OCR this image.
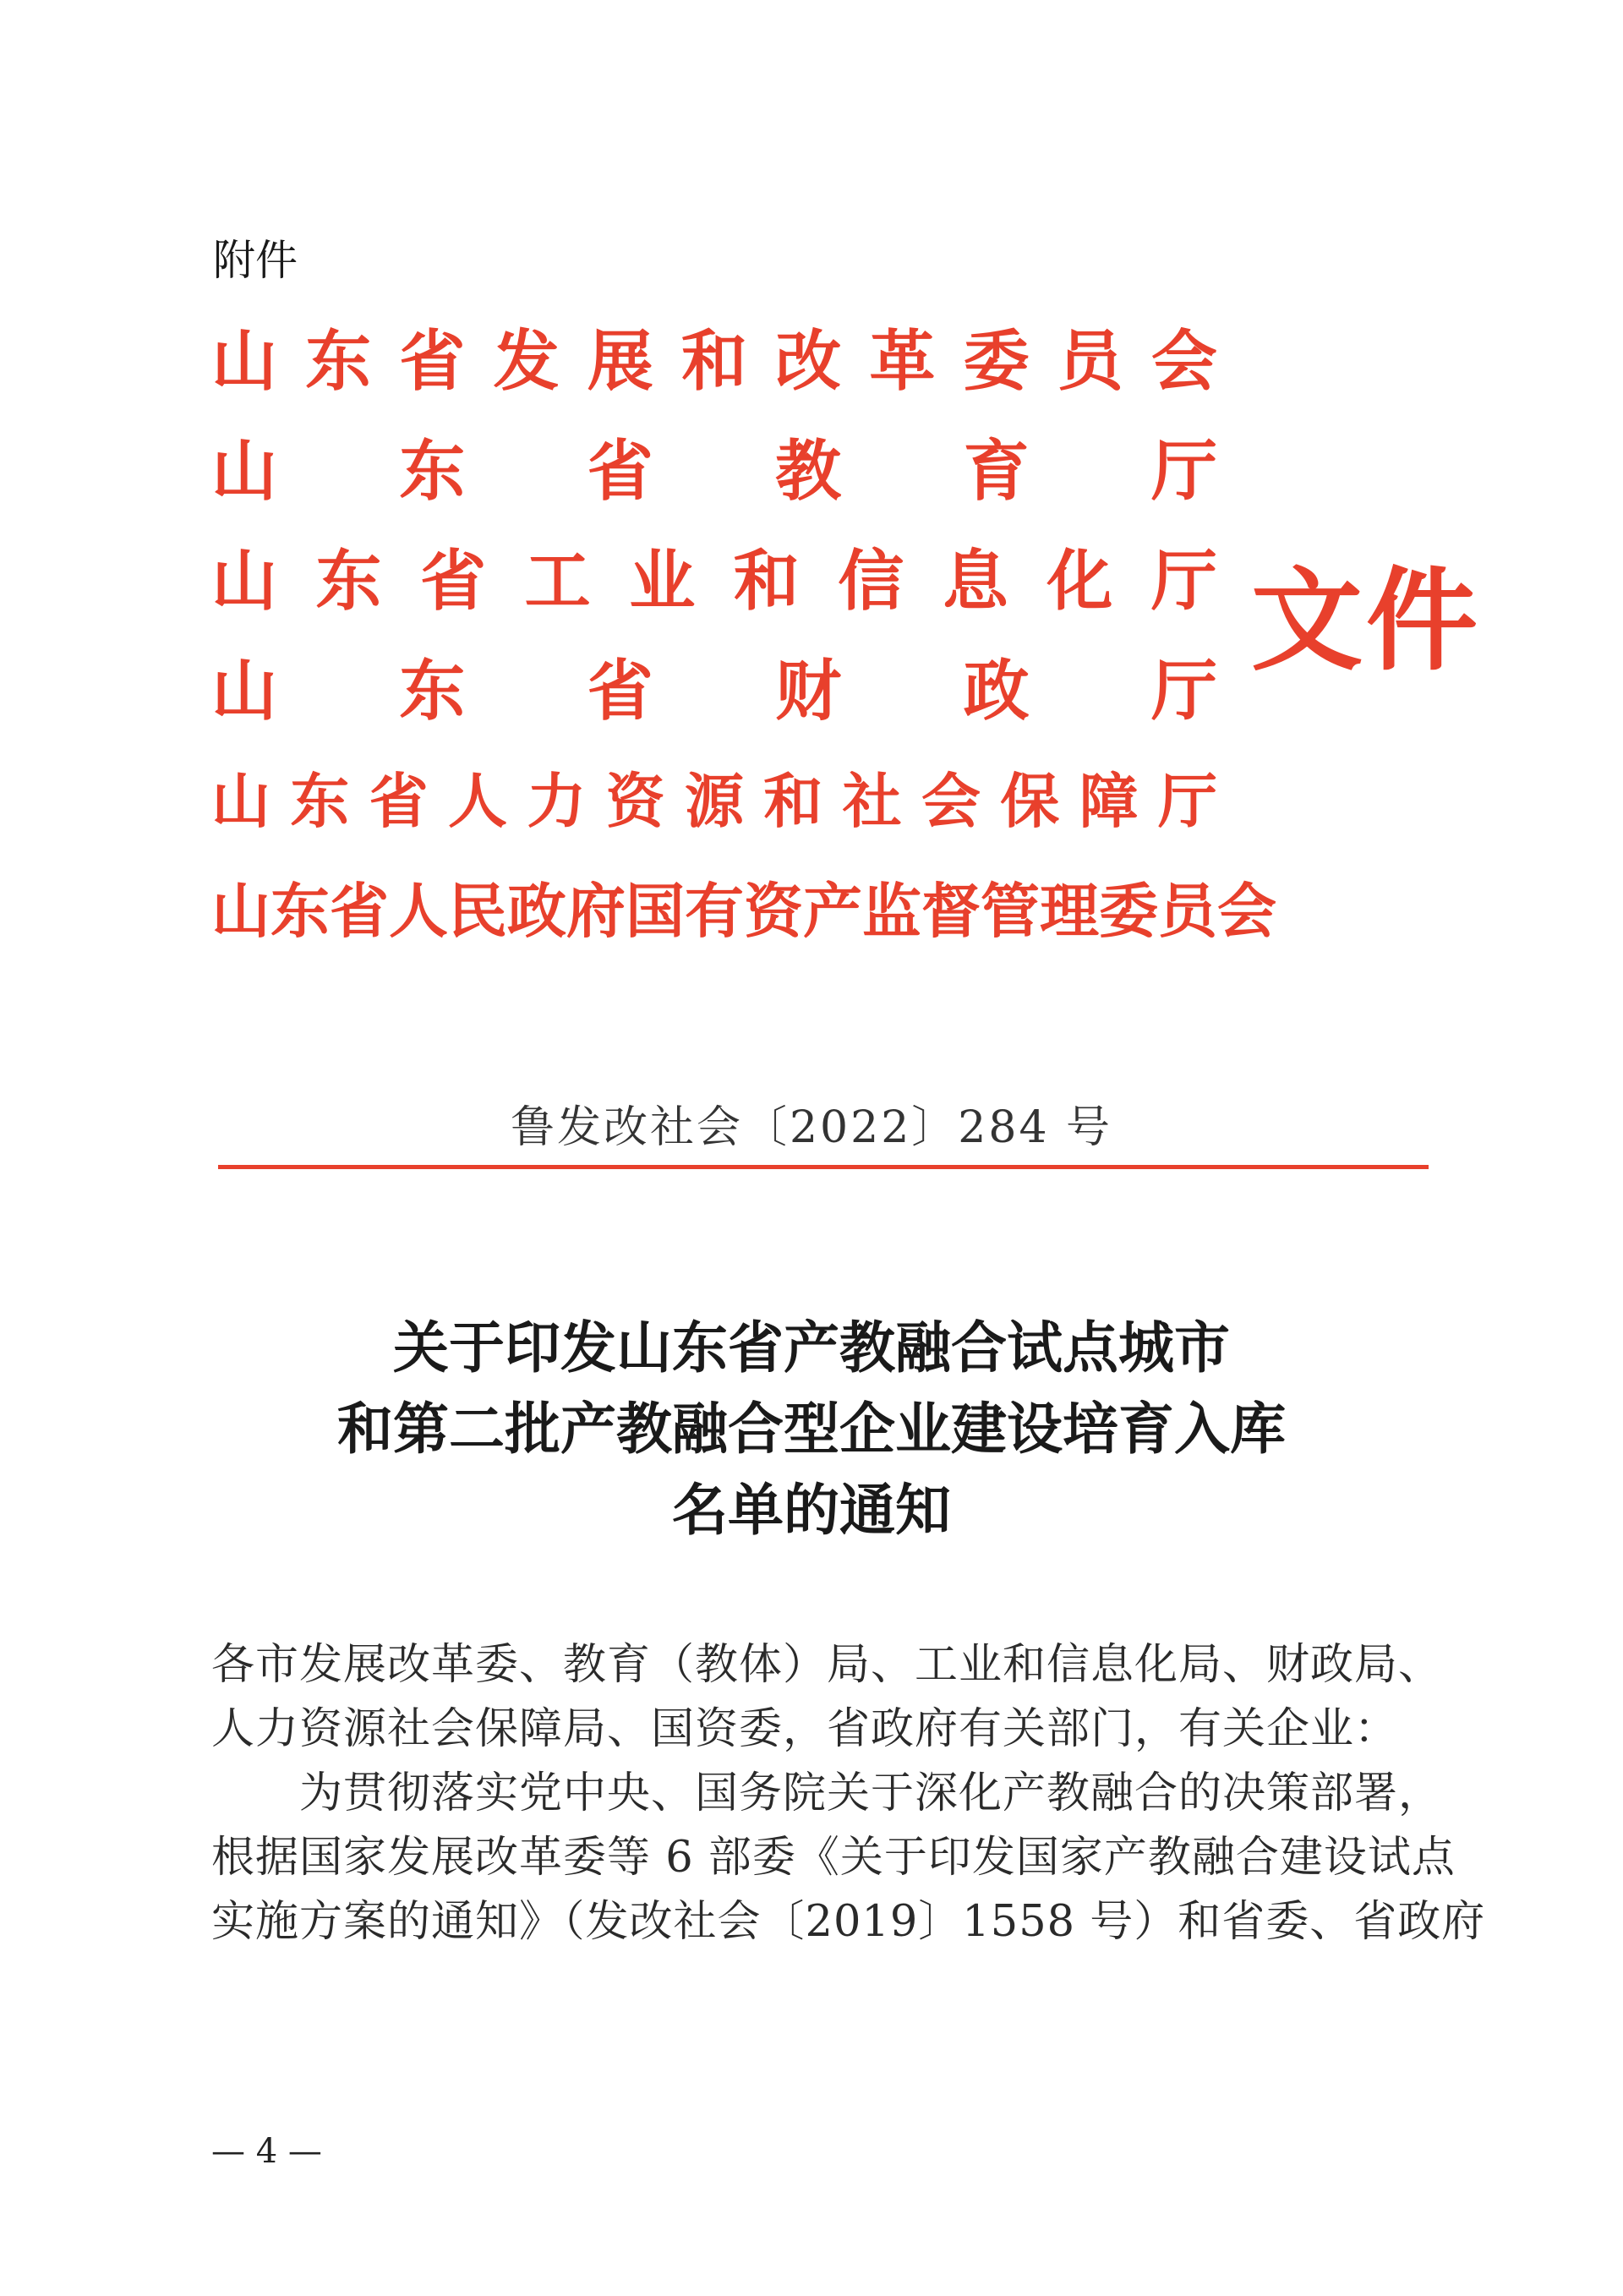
附件
山 东 省 发 展 和 改 革 委 员 会
山 东 省 教 育 厅
山 东 省 工 业 和 信 息 化 厅
山 东 省 财 政 厅
山 东 省 人 力 资 源 和 社 会 保 障 厅
山 东 省 人 民 政 府 国 有 资 产 监 督 管 理 委 员 会
文件
鲁发改社会〔2022〕284 号
关于印发山东省产教融合试点城市
和第二批产教融合型企业建设培育入库
名单的通知
各市发展改革委、教育（教体）局、工业和信息化局、财政局、
人力资源社会保障局、国资委，省政府有关部门，有关企业：
　　为贯彻落实党中央、国务院关于深化产教融合的决策部署，
根据国家发展改革委等 6 部委《关于印发国家产教融合建设试点
实施方案的通知》（发改社会〔2019〕1558 号）和省委、省政府
— 4 —
